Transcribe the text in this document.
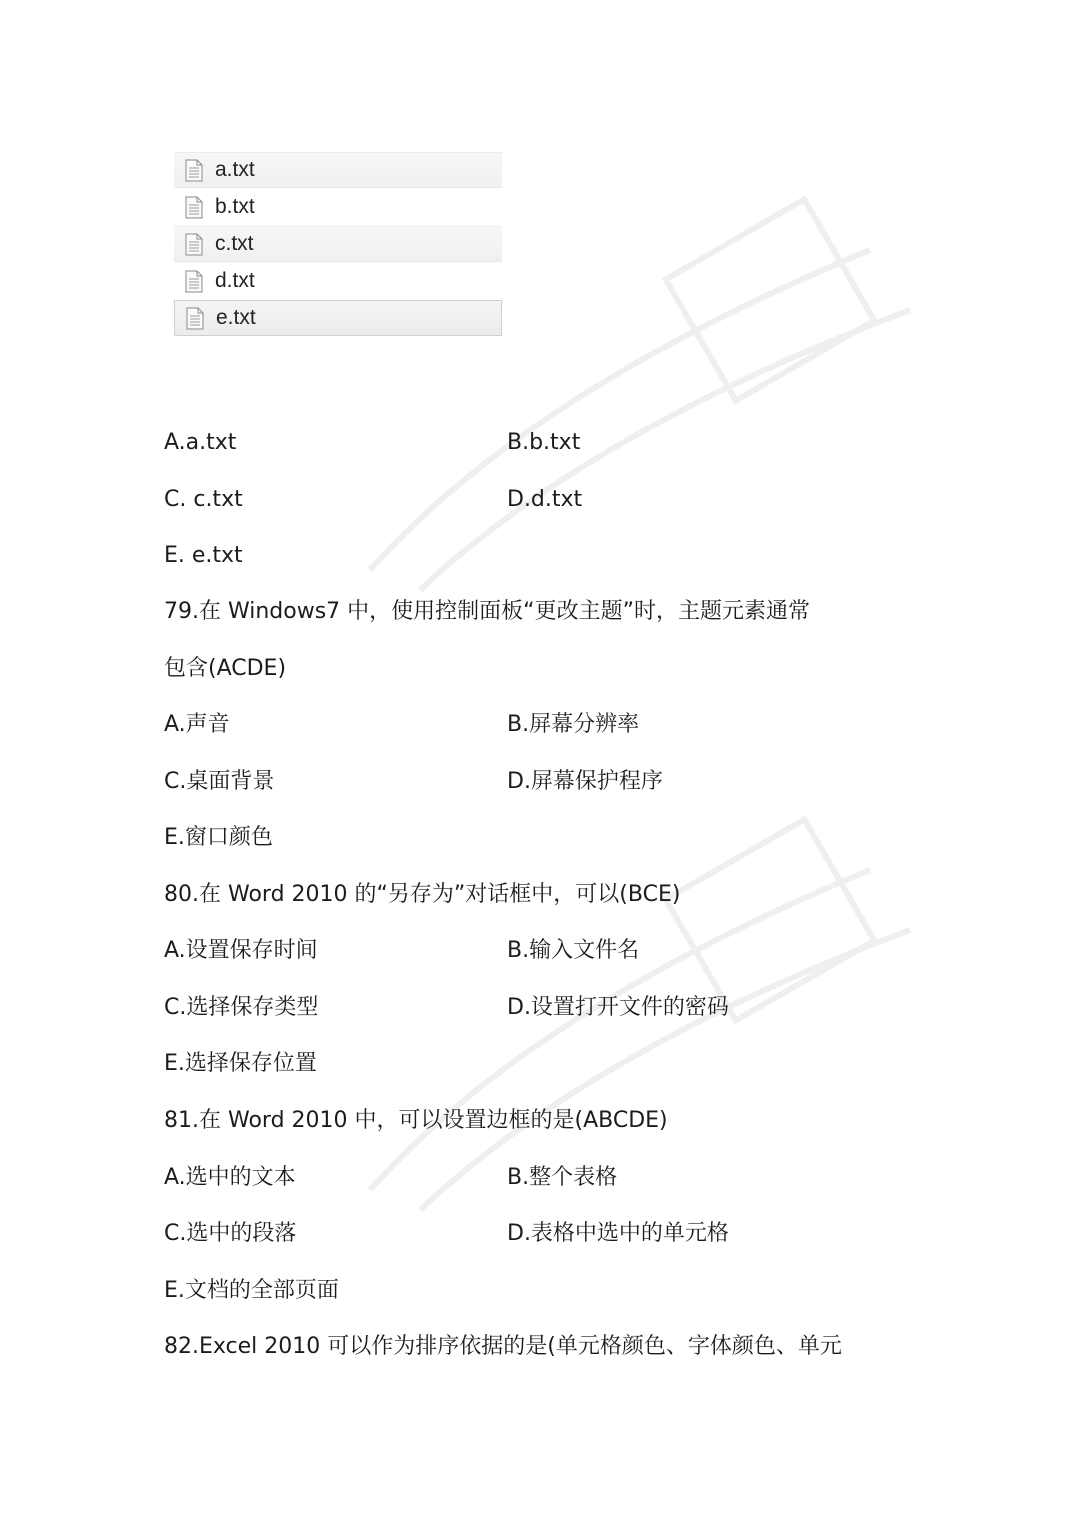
a.txt
b.txt
c.txt
d.txt
e.txt
A.a.txt	B.b.txt
C. c.txt	D.d.txt
E. e.txt
79.在 Windows7 中，使用控制面板“更改主题”时，主题元素通常
包含(ACDE)
A.声音	B.屏幕分辨率
C.桌面背景	D.屏幕保护程序
E.窗口颜色
80.在 Word 2010 的“另存为”对话框中，可以(BCE)
A.设置保存时间	B.输入文件名
C.选择保存类型	D.设置打开文件的密码
E.选择保存位置
81.在 Word 2010 中，可以设置边框的是(ABCDE)
A.选中的文本	B.整个表格
C.选中的段落	D.表格中选中的单元格
E.文档的全部页面
82.Excel 2010 可以作为排序依据的是(单元格颜色、字体颜色、单元
